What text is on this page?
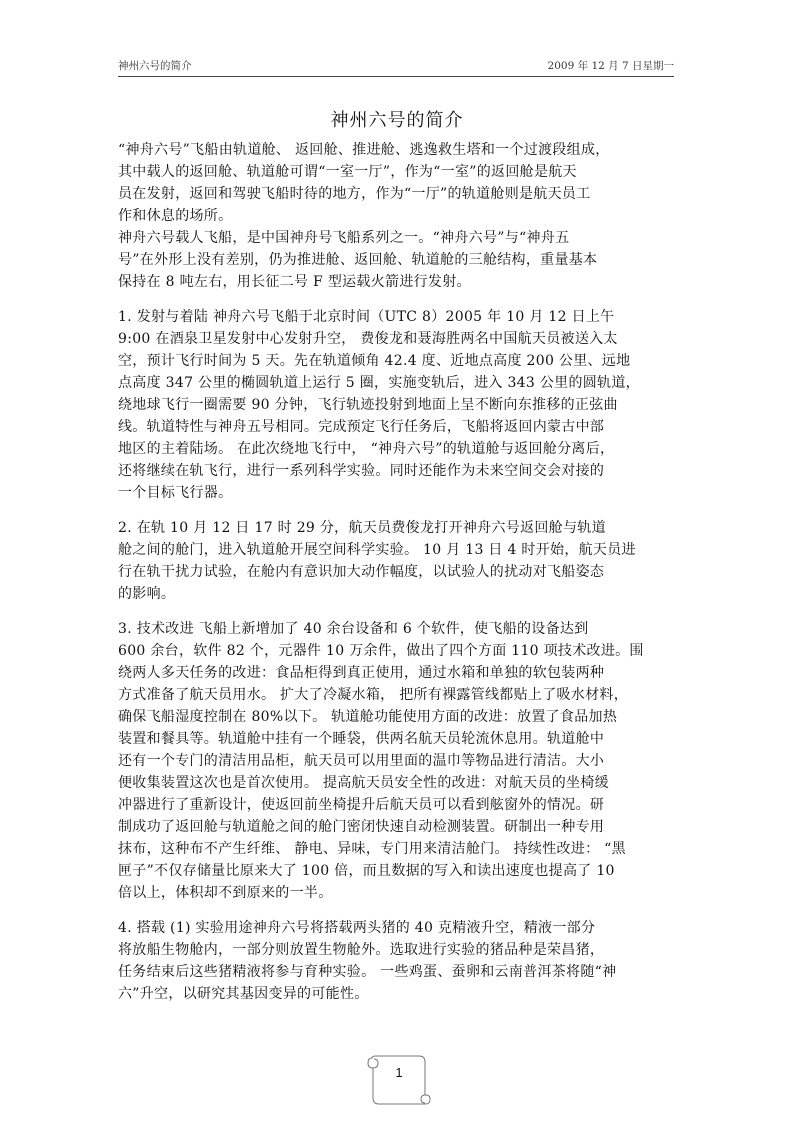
神州六号的简介	2009 年 12 月 7 日星期一
神州六号的简介
“神舟六号”飞船由轨道舱、 返回舱、推进舱、逃逸救生塔和一个过渡段组成，
其中载人的返回舱、轨道舱可谓“一室一厅”，作为“一室”的返回舱是航天
员在发射，返回和驾驶飞船时待的地方，作为“一厅”的轨道舱则是航天员工
作和休息的场所。
神舟六号载人飞船，是中国神舟号飞船系列之一。“神舟六号”与“神舟五
号”在外形上没有差别，仍为推进舱、返回舱、轨道舱的三舱结构，重量基本
保持在 8 吨左右，用长征二号 F 型运载火箭进行发射。
1. 发射与着陆 神舟六号飞船于北京时间（UTC 8）2005 年 10 月 12 日上午
9:00 在酒泉卫星发射中心发射升空， 费俊龙和聂海胜两名中国航天员被送入太
空，预计飞行时间为 5 天。先在轨道倾角 42.4 度、近地点高度 200 公里、远地
点高度 347 公里的椭圆轨道上运行 5 圈，实施变轨后，进入 343 公里的圆轨道，
绕地球飞行一圈需要 90 分钟，飞行轨迹投射到地面上呈不断向东推移的正弦曲
线。轨道特性与神舟五号相同。完成预定飞行任务后，飞船将返回内蒙古中部
地区的主着陆场。 在此次绕地飞行中， “神舟六号”的轨道舱与返回舱分离后，
还将继续在轨飞行，进行一系列科学实验。同时还能作为未来空间交会对接的
一个目标飞行器。
2. 在轨 10 月 12 日 17 时 29 分，航天员费俊龙打开神舟六号返回舱与轨道
舱之间的舱门，进入轨道舱开展空间科学实验。 10 月 13 日 4 时开始，航天员进
行在轨干扰力试验，在舱内有意识加大动作幅度，以试验人的扰动对飞船姿态
的影响。
3. 技术改进 飞船上新增加了 40 余台设备和 6 个软件，使飞船的设备达到
600 余台，软件 82 个，元器件 10 万余件，做出了四个方面 110 项技术改进。围
绕两人多天任务的改进：食品柜得到真正使用，通过水箱和单独的软包装两种
方式准备了航天员用水。 扩大了冷凝水箱， 把所有裸露管线都贴上了吸水材料，
确保飞船湿度控制在 80%以下。 轨道舱功能使用方面的改进：放置了食品加热
装置和餐具等。轨道舱中挂有一个睡袋，供两名航天员轮流休息用。轨道舱中
还有一个专门的清洁用品柜，航天员可以用里面的温巾等物品进行清洁。大小
便收集装置这次也是首次使用。 提高航天员安全性的改进：对航天员的坐椅缓
冲器进行了重新设计，使返回前坐椅提升后航天员可以看到舷窗外的情况。研
制成功了返回舱与轨道舱之间的舱门密闭快速自动检测装置。研制出一种专用
抹布，这种布不产生纤维、 静电、异味，专门用来清洁舱门。 持续性改进： “黑
匣子”不仅存储量比原来大了 100 倍，而且数据的写入和读出速度也提高了 10
倍以上，体积却不到原来的一半。
4. 搭载 (1) 实验用途神舟六号将搭载两头猪的 40 克精液升空，精液一部分
将放船生物舱内，一部分则放置生物舱外。选取进行实验的猪品种是荣昌猪，
任务结束后这些猪精液将参与育种实验。 一些鸡蛋、蚕卵和云南普洱茶将随“神
六”升空，以研究其基因变异的可能性。
1
